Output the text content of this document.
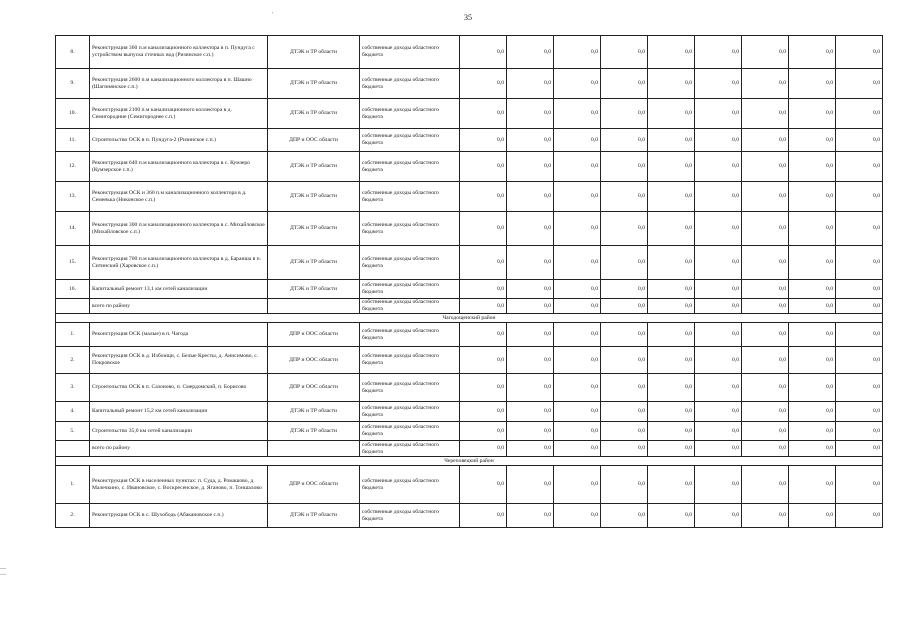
35
'
—
—
8.	Реконструкция 360 п.м канализационного коллектора в п. Пундуга с устройством выпуска сточных вод (Ризинское с.п.)	ДТЭК и ТР области	собственные доходы областного бюджета	0,0	0,0	0,0	0,0	0,0	0,0	0,0	0,0	0,0
9.	Реконструкция 2600 п.м канализационного коллектора в п. Шашно (Шагинянское с.п.)	ДТЭК и ТР области	собственные доходы областного бюджета	0,0	0,0	0,0	0,0	0,0	0,0	0,0	0,0	0,0
10.	Реконструкция 2100 п.м канализационного коллектора в д. Семигородние (Семигороднее с.п.)	ДТЭК и ТР области	собственные доходы областного бюджета	0,0	0,0	0,0	0,0	0,0	0,0	0,0	0,0	0,0
11.	Строительство ОСК в п. Пундуга-2 (Ризинское с.п.)	ДПР и ООС области	собственные доходы областного бюджета	0,0	0,0	0,0	0,0	0,0	0,0	0,0	0,0	0,0
12.	Реконструкция 640 п.м канализационного коллектора в с. Кумзеро (Кумзерское с.п.)	ДТЭК и ТР области	собственные доходы областного бюджета	0,0	0,0	0,0	0,0	0,0	0,0	0,0	0,0	0,0
13.	Реконструкция ОСК и 360 п.м канализационного коллектора в д. Семенька (Никонское с.п.)	ДТЭК и ТР области	собственные доходы областного бюджета	0,0	0,0	0,0	0,0	0,0	0,0	0,0	0,0	0,0
14.	Реконструкция 300 п.м канализационного коллектора в с. Михайловское (Михайловское с.п.)	ДТЭК и ТР области	собственные доходы областного бюджета	0,0	0,0	0,0	0,0	0,0	0,0	0,0	0,0	0,0
15.	Реконструкция 700 п.м канализационного коллектора в д. Баранша в п. Ситинский (Харовское с.п.)	ДТЭК и ТР области	собственные доходы областного бюджета	0,0	0,0	0,0	0,0	0,0	0,0	0,0	0,0	0,0
16.	Капитальный ремонт 13,1 км сетей канализации	ДТЭК и ТР области	собственные доходы областного бюджета	0,0	0,0	0,0	0,0	0,0	0,0	0,0	0,0	0,0
	всего по району		собственные доходы областного бюджета	0,0	0,0	0,0	0,0	0,0	0,0	0,0	0,0	0,0
Чагодощенский район												
1.	Реконструкция ОСК (малые) в п. Чагода	ДПР и ООС области	собственные доходы областного бюджета	0,0	0,0	0,0	0,0	0,0	0,0	0,0	0,0	0,0
2.	Реконструкция ОСК в д. Избоищи, с. Белые Кресты, д. Анисимово, с. Покровское	ДПР и ООС области	собственные доходы областного бюджета	0,0	0,0	0,0	0,0	0,0	0,0	0,0	0,0	0,0
3.	Строительство ОСК в п. Сазоново, п. Смердомский, п. Борисово	ДПР и ООС области	собственные доходы областного бюджета	0,0	0,0	0,0	0,0	0,0	0,0	0,0	0,0	0,0
4.	Капитальный ремонт 15,2 км сетей канализации	ДТЭК и ТР области	собственные доходы областного бюджета	0,0	0,0	0,0	0,0	0,0	0,0	0,0	0,0	0,0
5.	Строительство 35,0 км сетей канализации	ДТЭК и ТР области	собственные доходы областного бюджета	0,0	0,0	0,0	0,0	0,0	0,0	0,0	0,0	0,0
	всего по району		собственные доходы областного бюджета	0,0	0,0	0,0	0,0	0,0	0,0	0,0	0,0	0,0
Череповецкий район												
1.	Реконструкция ОСК в населенных пунктах: п. Суда, д. Ромашово, д. Малечкино, с. Ивановское, с. Воскресенское, д. Яганово, п. Тоншалово	ДПР и ООС области	собственные доходы областного бюджета	0,0	0,0	0,0	0,0	0,0	0,0	0,0	0,0	0,0
2.	Реконструкция ОСК в с. Шухободь (Абакановское с.п.)	ДТЭК и ТР области	собственные доходы областного бюджета	0,0	0,0	0,0	0,0	0,0	0,0	0,0	0,0	0,0
